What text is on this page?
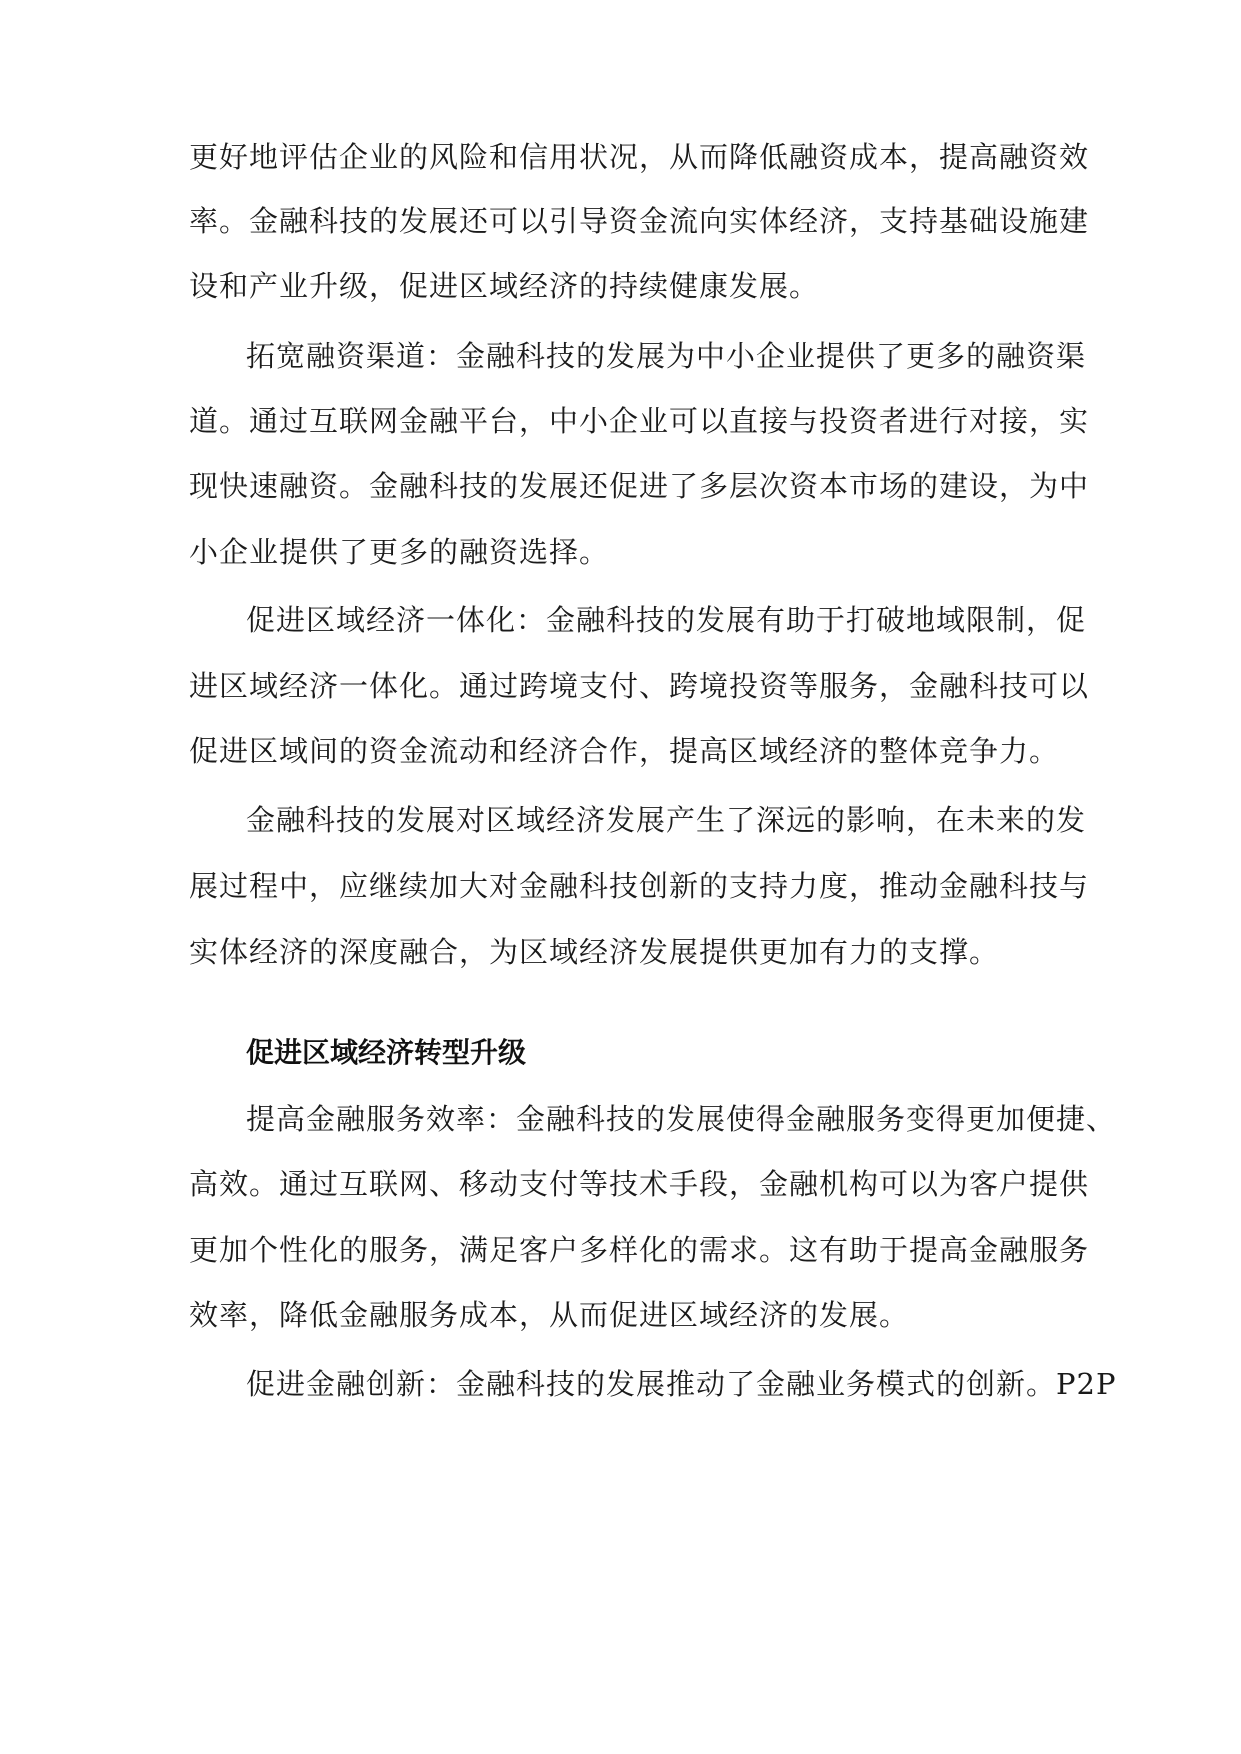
更好地评估企业的风险和信用状况，从而降低融资成本，提高融资效
率。金融科技的发展还可以引导资金流向实体经济，支持基础设施建
设和产业升级，促进区域经济的持续健康发展。
拓宽融资渠道：金融科技的发展为中小企业提供了更多的融资渠
道。通过互联网金融平台，中小企业可以直接与投资者进行对接，实
现快速融资。金融科技的发展还促进了多层次资本市场的建设，为中
小企业提供了更多的融资选择。
促进区域经济一体化：金融科技的发展有助于打破地域限制，促
进区域经济一体化。通过跨境支付、跨境投资等服务，金融科技可以
促进区域间的资金流动和经济合作，提高区域经济的整体竞争力。
金融科技的发展对区域经济发展产生了深远的影响，在未来的发
展过程中，应继续加大对金融科技创新的支持力度，推动金融科技与
实体经济的深度融合，为区域经济发展提供更加有力的支撑。
促进区域经济转型升级
提高金融服务效率：金融科技的发展使得金融服务变得更加便捷、
高效。通过互联网、移动支付等技术手段，金融机构可以为客户提供
更加个性化的服务，满足客户多样化的需求。这有助于提高金融服务
效率，降低金融服务成本，从而促进区域经济的发展。
促进金融创新：金融科技的发展推动了金融业务模式的创新。P2P
